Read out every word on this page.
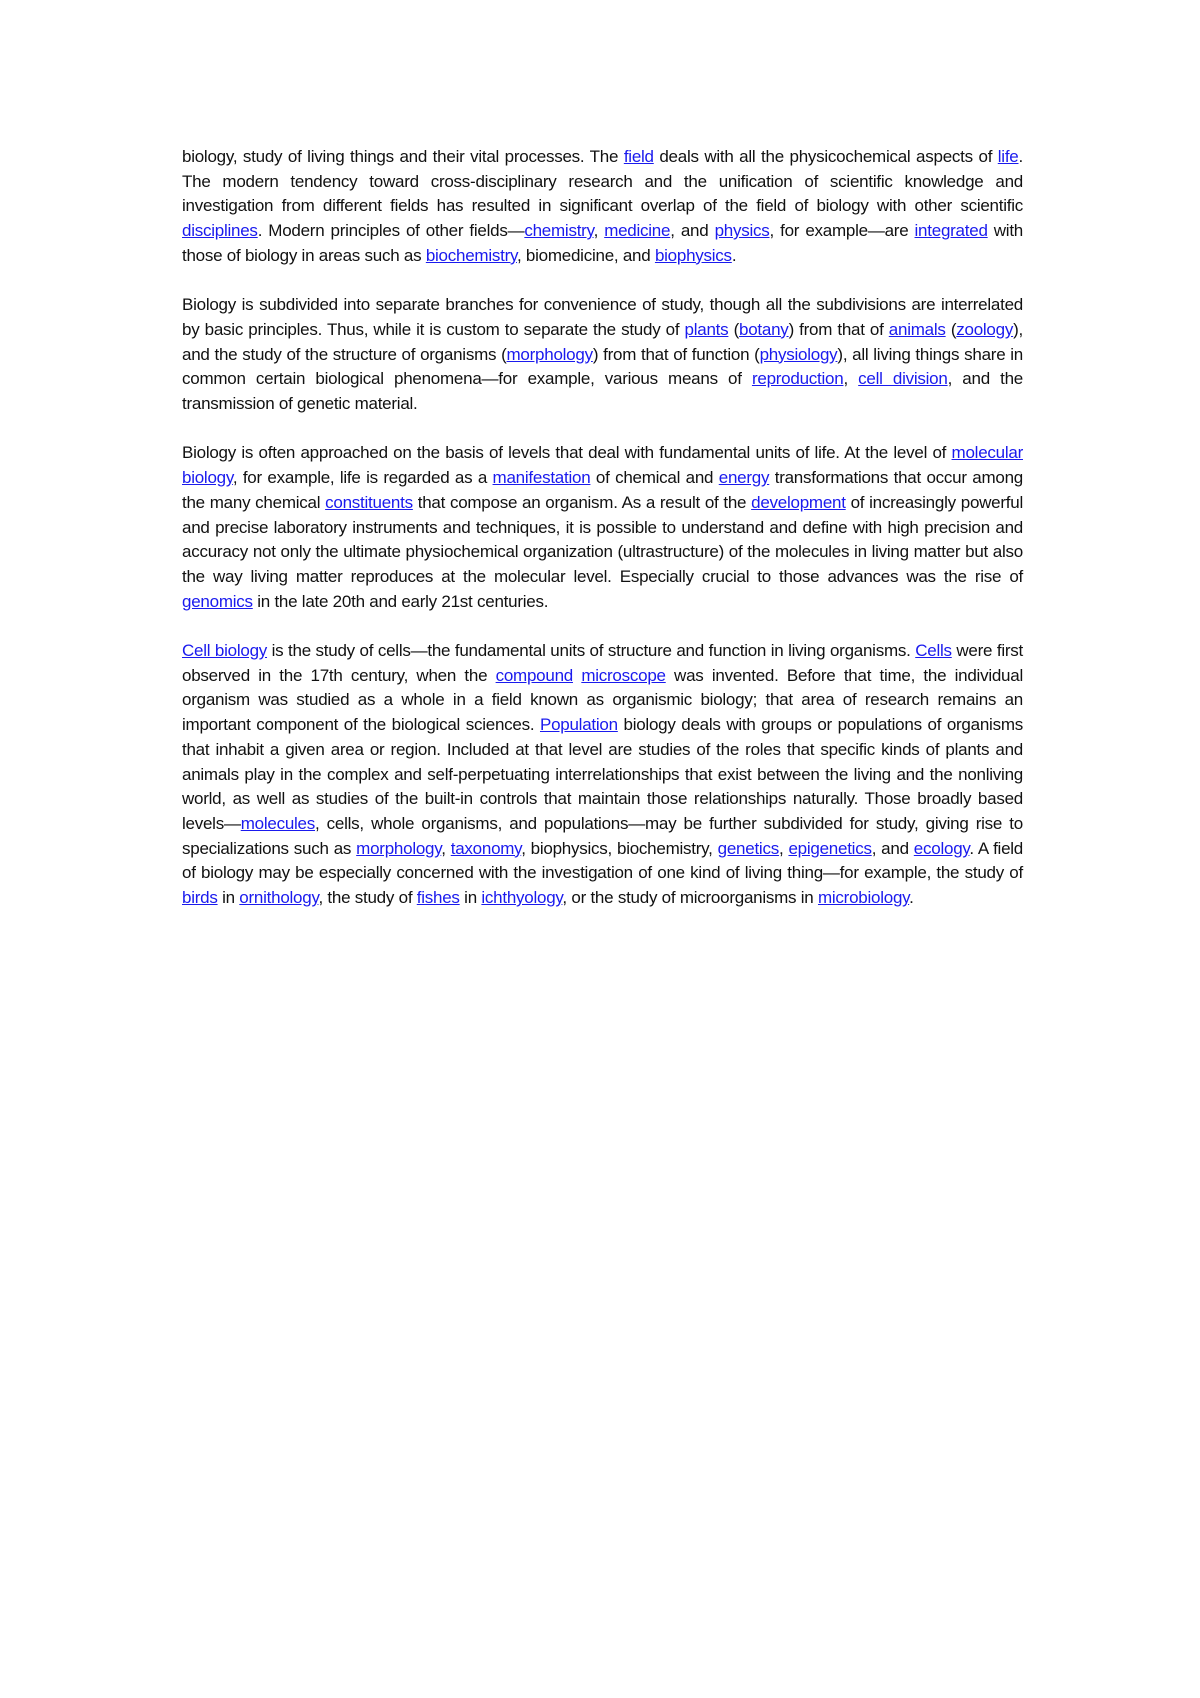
biology, study of living things and their vital processes. The field deals with all the physicochemical aspects of life. The modern tendency toward cross-disciplinary research and the unification of scientific knowledge and investigation from different fields has resulted in significant overlap of the field of biology with other scientific disciplines. Modern principles of other fields—chemistry, medicine, and physics, for example—are integrated with those of biology in areas such as biochemistry, biomedicine, and biophysics.

Biology is subdivided into separate branches for convenience of study, though all the subdivisions are interrelated by basic principles. Thus, while it is custom to separate the study of plants (botany) from that of animals (zoology), and the study of the structure of organisms (morphology) from that of function (physiology), all living things share in common certain biological phenomena—for example, various means of reproduction, cell division, and the transmission of genetic material.

Biology is often approached on the basis of levels that deal with fundamental units of life. At the level of molecular biology, for example, life is regarded as a manifestation of chemical and energy transformations that occur among the many chemical constituents that compose an organism. As a result of the development of increasingly powerful and precise laboratory instruments and techniques, it is possible to understand and define with high precision and accuracy not only the ultimate physiochemical organization (ultrastructure) of the molecules in living matter but also the way living matter reproduces at the molecular level. Especially crucial to those advances was the rise of genomics in the late 20th and early 21st centuries.

Cell biology is the study of cells—the fundamental units of structure and function in living organisms. Cells were first observed in the 17th century, when the compound microscope was invented. Before that time, the individual organism was studied as a whole in a field known as organismic biology; that area of research remains an important component of the biological sciences. Population biology deals with groups or populations of organisms that inhabit a given area or region. Included at that level are studies of the roles that specific kinds of plants and animals play in the complex and self-perpetuating interrelationships that exist between the living and the nonliving world, as well as studies of the built-in controls that maintain those relationships naturally. Those broadly based levels—molecules, cells, whole organisms, and populations—may be further subdivided for study, giving rise to specializations such as morphology, taxonomy, biophysics, biochemistry, genetics, epigenetics, and ecology. A field of biology may be especially concerned with the investigation of one kind of living thing—for example, the study of birds in ornithology, the study of fishes in ichthyology, or the study of microorganisms in microbiology.
